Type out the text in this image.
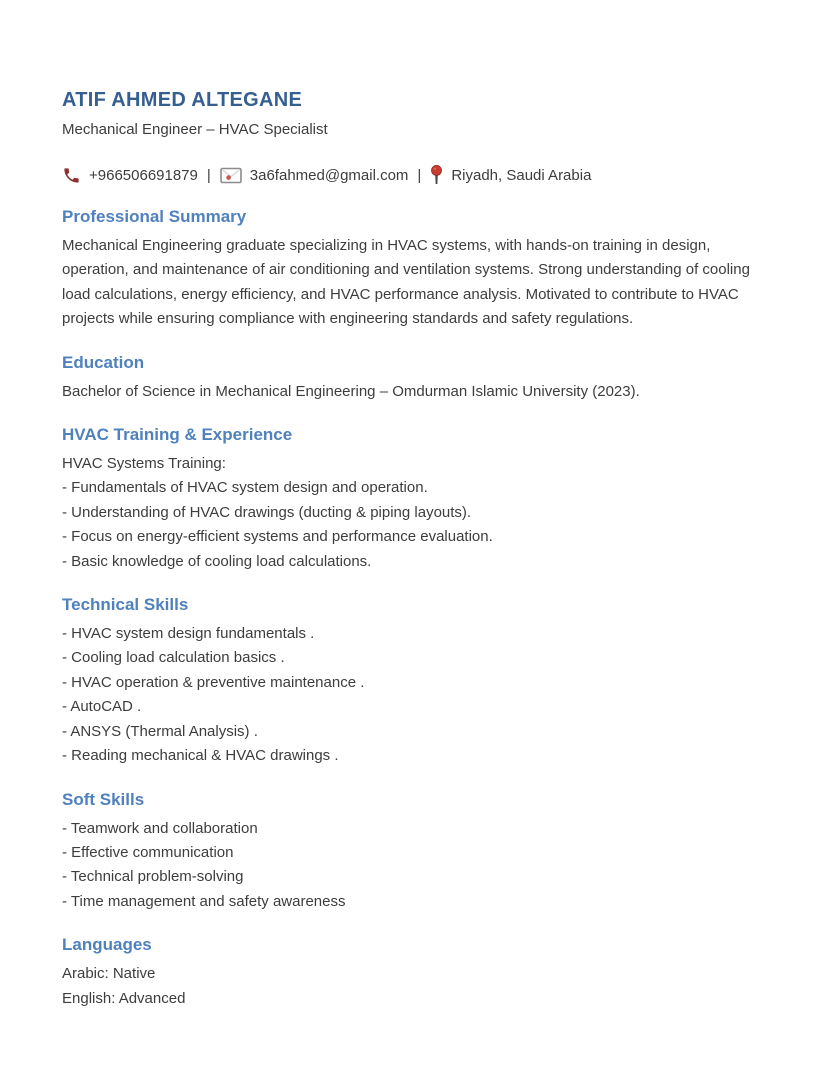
ATIF AHMED ALTEGANE

Mechanical Engineer – HVAC Specialist

+966506691879 |	3a6fahmed@gmail.com | Riyadh, Saudi Arabia
Professional Summary

Mechanical Engineering graduate specializing in HVAC systems, with hands-on training in design, operation, and maintenance of air conditioning and ventilation systems. Strong understanding of cooling load calculations, energy efficiency, and HVAC performance analysis. Motivated to contribute to HVAC projects while ensuring compliance with engineering standards and safety regulations.

Education

Bachelor of Science in Mechanical Engineering – Omdurman Islamic University (2023).

HVAC Training & Experience

HVAC Systems Training:

- Fundamentals of HVAC system design and operation.

- Understanding of HVAC drawings (ducting & piping layouts).

- Focus on energy-efficient systems and performance evaluation.

- Basic knowledge of cooling load calculations.

Technical Skills

- HVAC system design fundamentals .

- Cooling load calculation basics .

- HVAC operation & preventive maintenance .

- AutoCAD .

- ANSYS (Thermal Analysis) .

- Reading mechanical & HVAC drawings .

Soft Skills

- Teamwork and collaboration

- Effective communication

- Technical problem-solving

- Time management and safety awareness

Languages

Arabic: Native

English: Advanced
